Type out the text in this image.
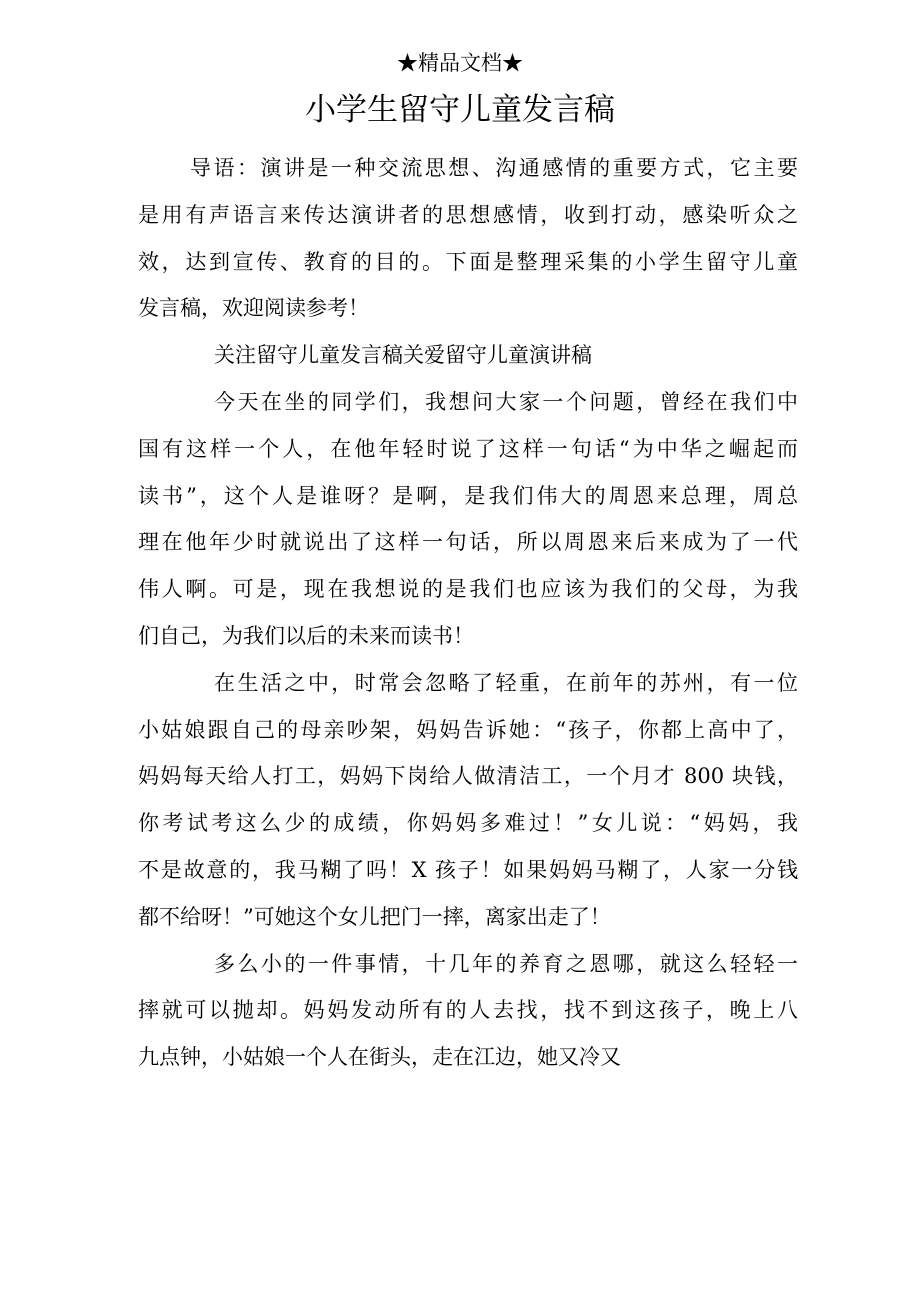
★精品文档★
小学生留守儿童发言稿

导语：演讲是一种交流思想、沟通感情的重要方式，它主要
是用有声语言来传达演讲者的思想感情，收到打动，感染听众之
效，达到宣传、教育的目的。下面是整理采集的小学生留守儿童
发言稿，欢迎阅读参考！

关注留守儿童发言稿关爱留守儿童演讲稿

今天在坐的同学们，我想问大家一个问题，曾经在我们中
国有这样一个人，在他年轻时说了这样一句话“为中华之崛起而
读书”，这个人是谁呀？是啊，是我们伟大的周恩来总理，周总
理在他年少时就说出了这样一句话，所以周恩来后来成为了一代
伟人啊。可是，现在我想说的是我们也应该为我们的父母，为我
们自己，为我们以后的未来而读书！

在生活之中，时常会忽略了轻重，在前年的苏州，有一位
小姑娘跟自己的母亲吵架，妈妈告诉她：“孩子，你都上高中了，
妈妈每天给人打工，妈妈下岗给人做清洁工，一个月才 800 块钱，
你考试考这么少的成绩，你妈妈多难过！”女儿说：“妈妈，我
不是故意的，我马糊了吗！X 孩子！如果妈妈马糊了，人家一分钱
都不给呀！”可她这个女儿把门一摔，离家出走了！

多么小的一件事情，十几年的养育之恩哪，就这么轻轻一
摔就可以抛却。妈妈发动所有的人去找，找不到这孩子，晚上八
九点钟，小姑娘一个人在街头，走在江边，她又冷又
